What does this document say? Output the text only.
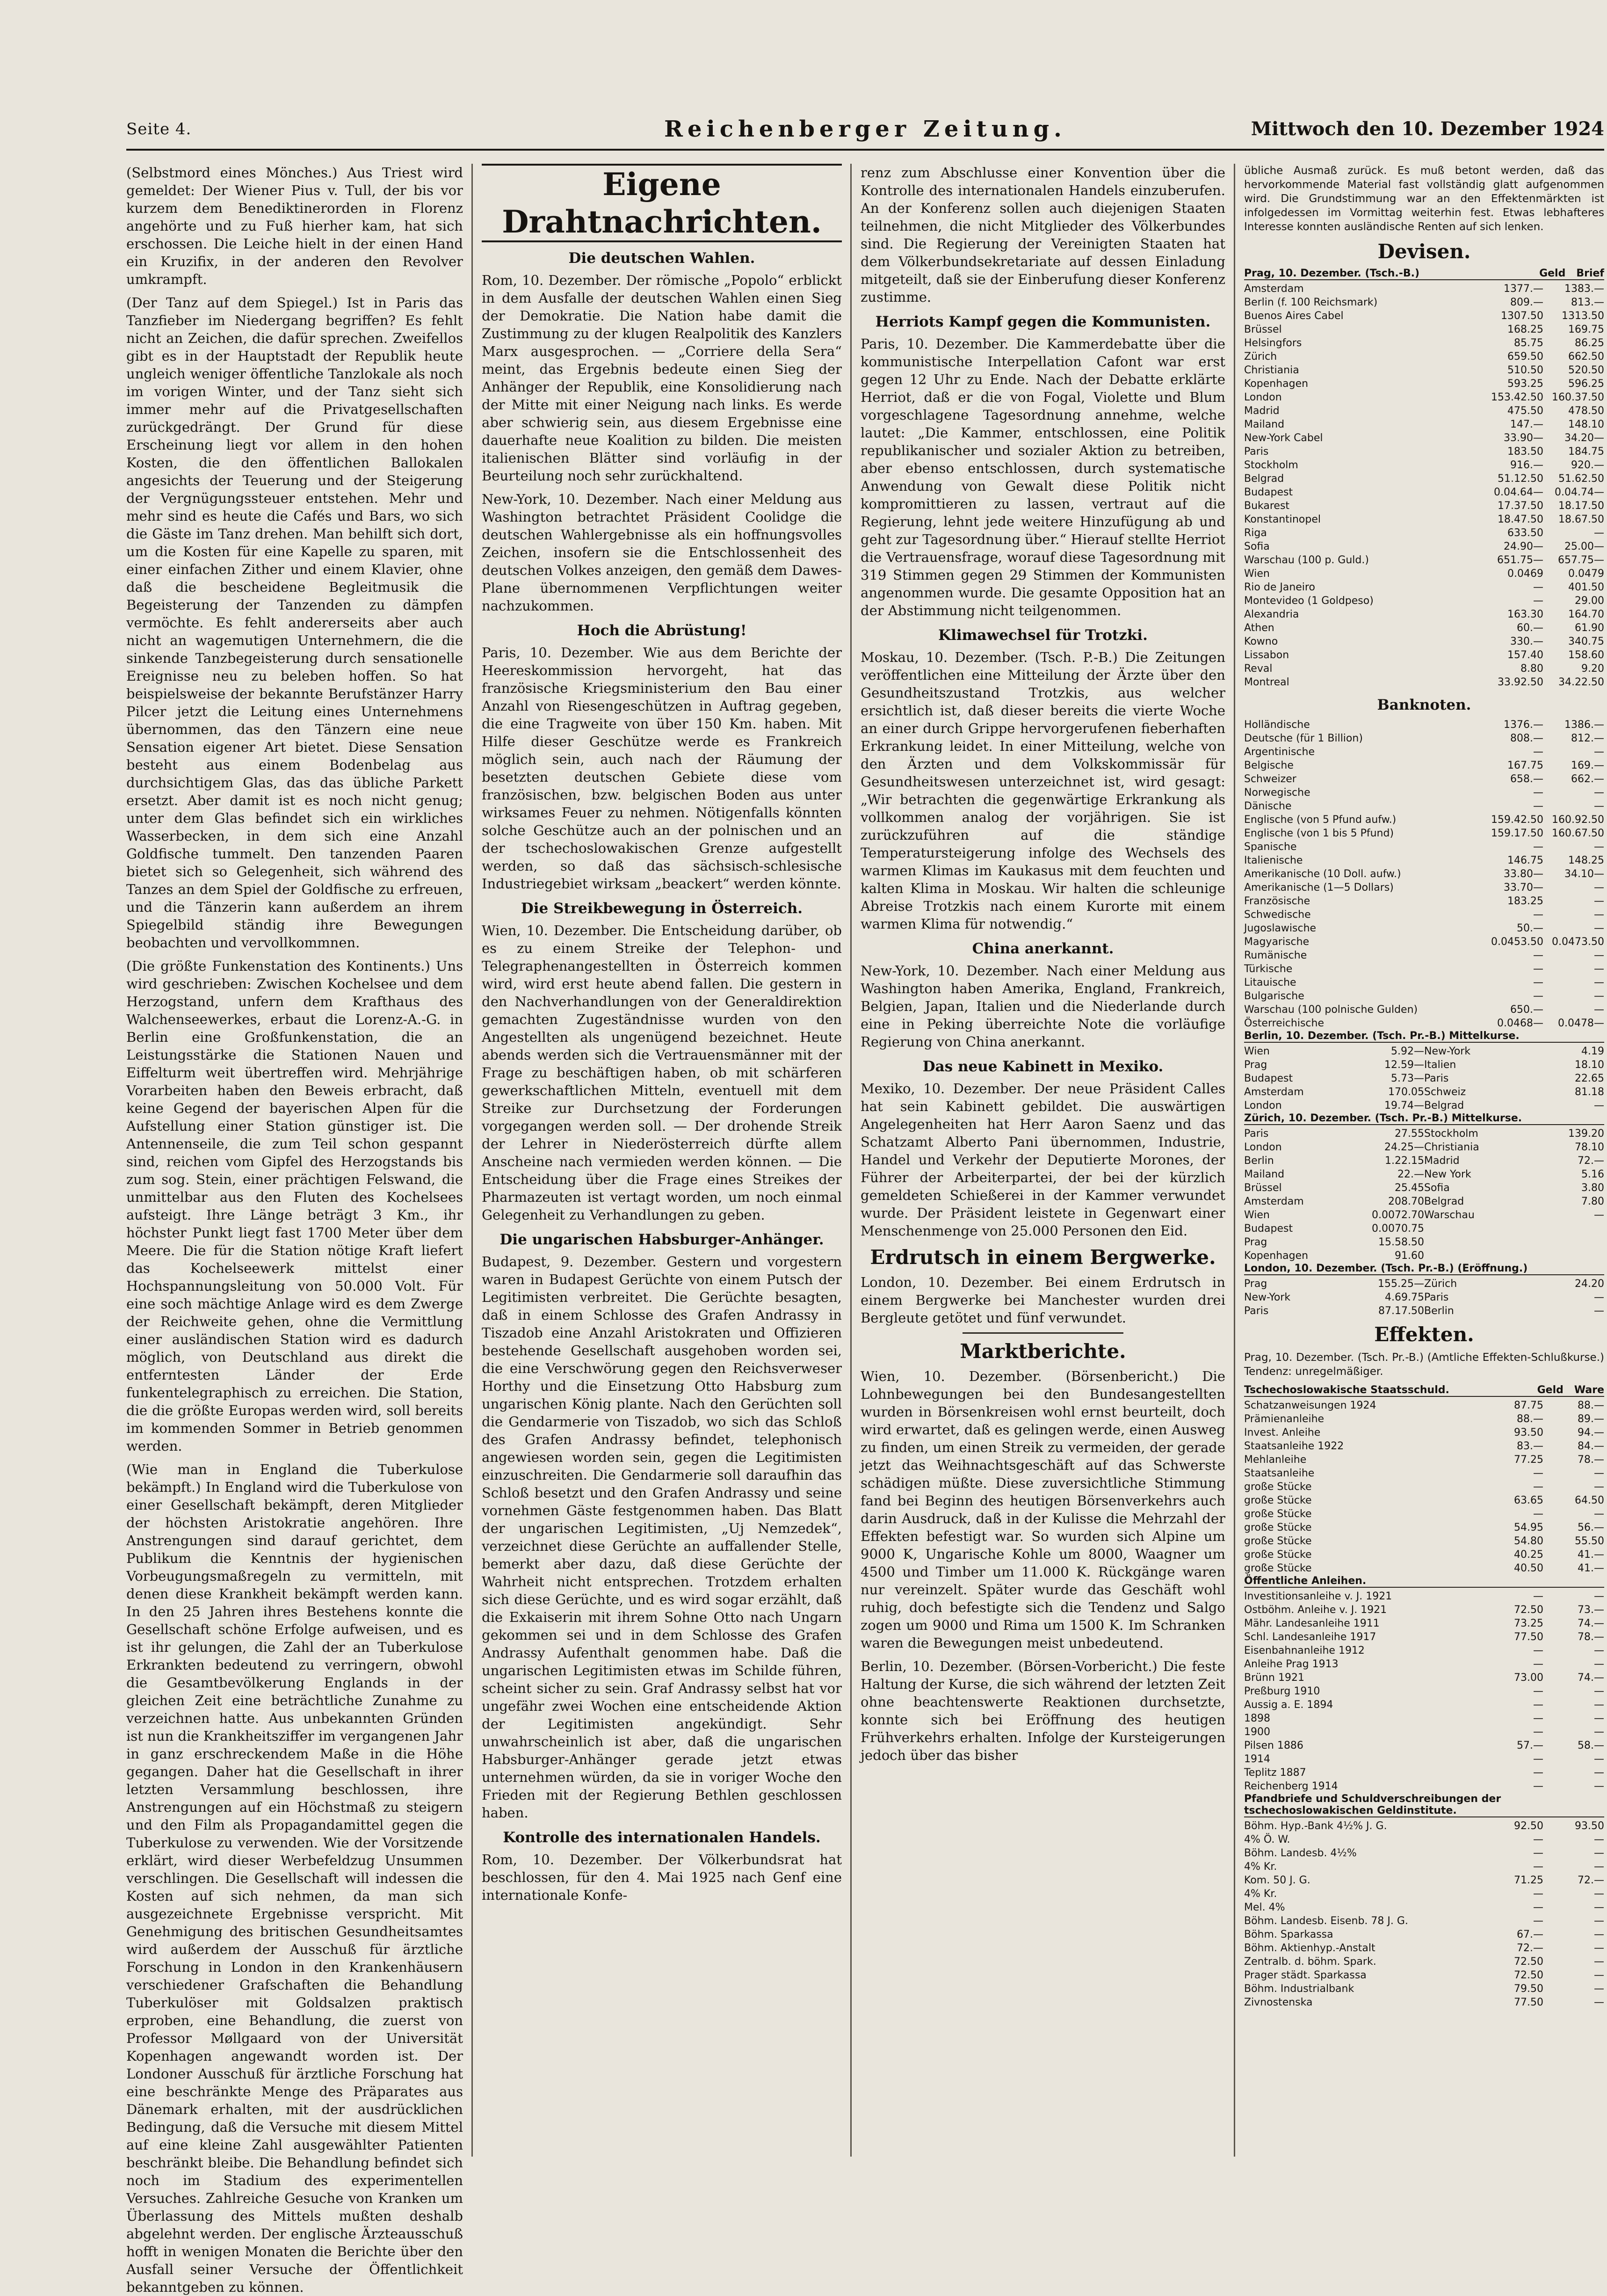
Seite 4.	Reichenberger Zeitung.	Mittwoch den 10. Dezember 1924

(Selbstmord eines Mönches.) Aus Triest wird gemeldet: Der Wiener Pius v. Tull, der bis vor kurzem dem Benediktinerorden in Florenz angehörte und zu Fuß hierher kam, hat sich erschossen. Die Leiche hielt in der einen Hand ein Kruzifix, in der anderen den Revolver umkrampft.

(Der Tanz auf dem Spiegel.) Ist in Paris das Tanzfieber im Niedergang begriffen? Es fehlt nicht an Zeichen, die dafür sprechen. Zweifellos gibt es in der Hauptstadt der Republik heute ungleich weniger öffentliche Tanzlokale als noch im vorigen Winter, und der Tanz sieht sich immer mehr auf die Privatgesellschaften zurückgedrängt. Der Grund für diese Erscheinung liegt vor allem in den hohen Kosten, die den öffentlichen Ballokalen angesichts der Teuerung und der Steigerung der Vergnügungssteuer entstehen. Mehr und mehr sind es heute die Cafés und Bars, wo sich die Gäste im Tanz drehen. Man behilft sich dort, um die Kosten für eine Kapelle zu sparen, mit einer einfachen Zither und einem Klavier, ohne daß die bescheidene Begleitmusik die Begeisterung der Tanzenden zu dämpfen vermöchte. Es fehlt andererseits aber auch nicht an wagemutigen Unternehmern, die die sinkende Tanzbegeisterung durch sensationelle Ereignisse neu zu beleben hoffen. So hat beispielsweise der bekannte Berufstänzer Harry Pilcer jetzt die Leitung eines Unternehmens übernommen, das den Tänzern eine neue Sensation eigener Art bietet. Diese Sensation besteht aus einem Bodenbelag aus durchsichtigem Glas, das das übliche Parkett ersetzt. Aber damit ist es noch nicht genug; unter dem Glas befindet sich ein wirkliches Wasserbecken, in dem sich eine Anzahl Goldfische tummelt. Den tanzenden Paaren bietet sich so Gelegenheit, sich während des Tanzes an dem Spiel der Goldfische zu erfreuen, und die Tänzerin kann außerdem an ihrem Spiegelbild ständig ihre Bewegungen beobachten und vervollkommnen.

(Die größte Funkenstation des Kontinents.) Uns wird geschrieben: Zwischen Kochelsee und dem Herzogstand, unfern dem Krafthaus des Walchenseewerkes, erbaut die Lorenz-A.-G. in Berlin eine Großfunkenstation, die an Leistungsstärke die Stationen Nauen und Eiffelturm weit übertreffen wird. Mehrjährige Vorarbeiten haben den Beweis erbracht, daß keine Gegend der bayerischen Alpen für die Aufstellung einer Station günstiger ist. Die Antennenseile, die zum Teil schon gespannt sind, reichen vom Gipfel des Herzogstands bis zum sog. Stein, einer prächtigen Felswand, die unmittelbar aus den Fluten des Kochelsees aufsteigt. Ihre Länge beträgt 3 Km., ihr höchster Punkt liegt fast 1700 Meter über dem Meere. Die für die Station nötige Kraft liefert das Kochelseewerk mittelst einer Hochspannungsleitung von 50.000 Volt. Für eine soch mächtige Anlage wird es dem Zwerge der Reichweite gehen, ohne die Vermittlung einer ausländischen Station wird es dadurch möglich, von Deutschland aus direkt die entferntesten Länder der Erde funkentelegraphisch zu erreichen. Die Station, die die größte Europas werden wird, soll bereits im kommenden Sommer in Betrieb genommen werden.

(Wie man in England die Tuberkulose bekämpft.) In England wird die Tuberkulose von einer Gesellschaft bekämpft, deren Mitglieder der höchsten Aristokratie angehören. Ihre Anstrengungen sind darauf gerichtet, dem Publikum die Kenntnis der hygienischen Vorbeugungsmaßregeln zu vermitteln, mit denen diese Krankheit bekämpft werden kann. In den 25 Jahren ihres Bestehens konnte die Gesellschaft schöne Erfolge aufweisen, und es ist ihr gelungen, die Zahl der an Tuberkulose Erkrankten bedeutend zu verringern, obwohl die Gesamtbevölkerung Englands in der gleichen Zeit eine beträchtliche Zunahme zu verzeichnen hatte. Aus unbekannten Gründen ist nun die Krankheitsziffer im vergangenen Jahr in ganz erschreckendem Maße in die Höhe gegangen. Daher hat die Gesellschaft in ihrer letzten Versammlung beschlossen, ihre Anstrengungen auf ein Höchstmaß zu steigern und den Film als Propagandamittel gegen die Tuberkulose zu verwenden. Wie der Vorsitzende erklärt, wird dieser Werbefeldzug Unsummen verschlingen. Die Gesellschaft will indessen die Kosten auf sich nehmen, da man sich ausgezeichnete Ergebnisse verspricht. Mit Genehmigung des britischen Gesundheitsamtes wird außerdem der Ausschuß für ärztliche Forschung in London in den Krankenhäusern verschiedener Grafschaften die Behandlung Tuberkulöser mit Goldsalzen praktisch erproben, eine Behandlung, die zuerst von Professor Møllgaard von der Universität Kopenhagen angewandt worden ist. Der Londoner Ausschuß für ärztliche Forschung hat eine beschränkte Menge des Präparates aus Dänemark erhalten, mit der ausdrücklichen Bedingung, daß die Versuche mit diesem Mittel auf eine kleine Zahl ausgewählter Patienten beschränkt bleibe. Die Behandlung befindet sich noch im Stadium des experimentellen Versuches. Zahlreiche Gesuche von Kranken um Überlassung des Mittels mußten deshalb abgelehnt werden. Der englische Ärzteausschuß hofft in wenigen Monaten die Berichte über den Ausfall seiner Versuche der Öffentlichkeit bekanntgeben zu können.

Eigene Drahtnachrichten.
Die deutschen Wahlen.

Rom, 10. Dezember. Der römische „Popolo“ erblickt in dem Ausfalle der deutschen Wahlen einen Sieg der Demokratie. Die Nation habe damit die Zustimmung zu der klugen Realpolitik des Kanzlers Marx ausgesprochen. — „Corriere della Sera“ meint, das Ergebnis bedeute einen Sieg der Anhänger der Republik, eine Konsolidierung nach der Mitte mit einer Neigung nach links. Es werde aber schwierig sein, aus diesem Ergebnisse eine dauerhafte neue Koalition zu bilden. Die meisten italienischen Blätter sind vorläufig in der Beurteilung noch sehr zurückhaltend.

New-York, 10. Dezember. Nach einer Meldung aus Washington betrachtet Präsident Coolidge die deutschen Wahlergebnisse als ein hoffnungsvolles Zeichen, insofern sie die Entschlossenheit des deutschen Volkes anzeigen, den gemäß dem Dawes-Plane übernommenen Verpflichtungen weiter nachzukommen.

Hoch die Abrüstung!

Paris, 10. Dezember. Wie aus dem Berichte der Heereskommission hervorgeht, hat das französische Kriegsministerium den Bau einer Anzahl von Riesengeschützen in Auftrag gegeben, die eine Tragweite von über 150 Km. haben. Mit Hilfe dieser Geschütze werde es Frankreich möglich sein, auch nach der Räumung der besetzten deutschen Gebiete diese vom französischen, bzw. belgischen Boden aus unter wirksames Feuer zu nehmen. Nötigenfalls könnten solche Geschütze auch an der polnischen und an der tschechoslowakischen Grenze aufgestellt werden, so daß das sächsisch-schlesische Industriegebiet wirksam „beackert“ werden könnte.

Die Streikbewegung in Österreich.

Wien, 10. Dezember. Die Entscheidung darüber, ob es zu einem Streike der Telephon- und Telegraphenangestellten in Österreich kommen wird, wird erst heute abend fallen. Die gestern in den Nachverhandlungen von der Generaldirektion gemachten Zugeständnisse wurden von den Angestellten als ungenügend bezeichnet. Heute abends werden sich die Vertrauensmänner mit der Frage zu beschäftigen haben, ob mit schärferen gewerkschaftlichen Mitteln, eventuell mit dem Streike zur Durchsetzung der Forderungen vorgegangen werden soll. — Der drohende Streik der Lehrer in Niederösterreich dürfte allem Anscheine nach vermieden werden können. — Die Entscheidung über die Frage eines Streikes der Pharmazeuten ist vertagt worden, um noch einmal Gelegenheit zu Verhandlungen zu geben.

Die ungarischen Habsburger-Anhänger.

Budapest, 9. Dezember. Gestern und vorgestern waren in Budapest Gerüchte von einem Putsch der Legitimisten verbreitet. Die Gerüchte besagten, daß in einem Schlosse des Grafen Andrassy in Tiszadob eine Anzahl Aristokraten und Offizieren bestehende Gesellschaft ausgehoben worden sei, die eine Verschwörung gegen den Reichsverweser Horthy und die Einsetzung Otto Habsburg zum ungarischen König plante. Nach den Gerüchten soll die Gendarmerie von Tiszadob, wo sich das Schloß des Grafen Andrassy befindet, telephonisch angewiesen worden sein, gegen die Legitimisten einzuschreiten. Die Gendarmerie soll daraufhin das Schloß besetzt und den Grafen Andrassy und seine vornehmen Gäste festgenommen haben. Das Blatt der ungarischen Legitimisten, „Uj Nemzedek“, verzeichnet diese Gerüchte an auffallender Stelle, bemerkt aber dazu, daß diese Gerüchte der Wahrheit nicht entsprechen. Trotzdem erhalten sich diese Gerüchte, und es wird sogar erzählt, daß die Exkaiserin mit ihrem Sohne Otto nach Ungarn gekommen sei und in dem Schlosse des Grafen Andrassy Aufenthalt genommen habe. Daß die ungarischen Legitimisten etwas im Schilde führen, scheint sicher zu sein. Graf Andrassy selbst hat vor ungefähr zwei Wochen eine entscheidende Aktion der Legitimisten angekündigt. Sehr unwahrscheinlich ist aber, daß die ungarischen Habsburger-Anhänger gerade jetzt etwas unternehmen würden, da sie in voriger Woche den Frieden mit der Regierung Bethlen geschlossen haben.

Kontrolle des internationalen Handels.

Rom, 10. Dezember. Der Völkerbundsrat hat beschlossen, für den 4. Mai 1925 nach Genf eine internationale Konfe-

renz zum Abschlusse einer Konvention über die Kontrolle des internationalen Handels einzuberufen. An der Konferenz sollen auch diejenigen Staaten teilnehmen, die nicht Mitglieder des Völkerbundes sind. Die Regierung der Vereinigten Staaten hat dem Völkerbundsekretariate auf dessen Einladung mitgeteilt, daß sie der Einberufung dieser Konferenz zustimme.

Herriots Kampf gegen die Kommunisten.

Paris, 10. Dezember. Die Kammerdebatte über die kommunistische Interpellation Cafont war erst gegen 12 Uhr zu Ende. Nach der Debatte erklärte Herriot, daß er die von Fogal, Violette und Blum vorgeschlagene Tagesordnung annehme, welche lautet: „Die Kammer, entschlossen, eine Politik republikanischer und sozialer Aktion zu betreiben, aber ebenso entschlossen, durch systematische Anwendung von Gewalt diese Politik nicht kompromittieren zu lassen, vertraut auf die Regierung, lehnt jede weitere Hinzufügung ab und geht zur Tagesordnung über.“ Hierauf stellte Herriot die Vertrauensfrage, worauf diese Tagesordnung mit 319 Stimmen gegen 29 Stimmen der Kommunisten angenommen wurde. Die gesamte Opposition hat an der Abstimmung nicht teilgenommen.

Klimawechsel für Trotzki.

Moskau, 10. Dezember. (Tsch. P.-B.) Die Zeitungen veröffentlichen eine Mitteilung der Ärzte über den Gesundheitszustand Trotzkis, aus welcher ersichtlich ist, daß dieser bereits die vierte Woche an einer durch Grippe hervorgerufenen fieberhaften Erkrankung leidet. In einer Mitteilung, welche von den Ärzten und dem Volkskommissär für Gesundheitswesen unterzeichnet ist, wird gesagt: „Wir betrachten die gegenwärtige Erkrankung als vollkommen analog der vorjährigen. Sie ist zurückzuführen auf die ständige Temperatursteigerung infolge des Wechsels des warmen Klimas im Kaukasus mit dem feuchten und kalten Klima in Moskau. Wir halten die schleunige Abreise Trotzkis nach einem Kurorte mit einem warmen Klima für notwendig.“

China anerkannt.

New-York, 10. Dezember. Nach einer Meldung aus Washington haben Amerika, England, Frankreich, Belgien, Japan, Italien und die Niederlande durch eine in Peking überreichte Note die vorläufige Regierung von China anerkannt.

Das neue Kabinett in Mexiko.

Mexiko, 10. Dezember. Der neue Präsident Calles hat sein Kabinett gebildet. Die auswärtigen Angelegenheiten hat Herr Aaron Saenz und das Schatzamt Alberto Pani übernommen, Industrie, Handel und Verkehr der Deputierte Morones, der Führer der Arbeiterpartei, der bei der kürzlich gemeldeten Schießerei in der Kammer verwundet wurde. Der Präsident leistete in Gegenwart einer Menschenmenge von 25.000 Personen den Eid.

Erdrutsch in einem Bergwerke.

London, 10. Dezember. Bei einem Erdrutsch in einem Bergwerke bei Manchester wurden drei Bergleute getötet und fünf verwundet.

Marktberichte.

Wien, 10. Dezember. (Börsenbericht.) Die Lohnbewegungen bei den Bundesangestellten wurden in Börsenkreisen wohl ernst beurteilt, doch wird erwartet, daß es gelingen werde, einen Ausweg zu finden, um einen Streik zu vermeiden, der gerade jetzt das Weihnachtsgeschäft auf das Schwerste schädigen müßte. Diese zuversichtliche Stimmung fand bei Beginn des heutigen Börsenverkehrs auch darin Ausdruck, daß in der Kulisse die Mehrzahl der Effekten befestigt war. So wurden sich Alpine um 9000 K, Ungarische Kohle um 8000, Waagner um 4500 und Timber um 11.000 K. Rückgänge waren nur vereinzelt. Später wurde das Geschäft wohl ruhig, doch befestigte sich die Tendenz und Salgo zogen um 9000 und Rima um 1500 K. Im Schranken waren die Bewegungen meist unbedeutend.

Berlin, 10. Dezember. (Börsen-Vorbericht.) Die feste Haltung der Kurse, die sich während der letzten Zeit ohne beachtenswerte Reaktionen durchsetzte, konnte sich bei Eröffnung des heutigen Frühverkehrs erhalten. Infolge der Kursteigerungen jedoch über das bisher

übliche Ausmaß zurück. Es muß betont werden, daß das hervorkommende Material fast vollständig glatt aufgenommen wird. Die Grundstimmung war an den Effektenmärkten ist infolgedessen im Vormittag weiterhin fest. Etwas lebhafteres Interesse konnten ausländische Renten auf sich lenken.

Devisen.
Prag, 10. Dezember. (Tsch.-B.)	Geld Brief
Amsterdam	1377.—	1383.—
Berlin (f. 100 Reichsmark)	809.—	813.—
Buenos Aires Cabel	1307.50	1313.50
Brüssel	168.25	169.75
Helsingfors	85.75	86.25
Zürich	659.50	662.50
Christiania	510.50	520.50
Kopenhagen	593.25	596.25
London	153.42.50 160.37.50
Madrid	475.50	478.50
Mailand	147.—	148.10
New-York Cabel	33.90—	34.20—
Paris	183.50	184.75
Stockholm	916.—	920.—
Belgrad	51.12.50	51.62.50
Budapest	0.04.64—	0.04.74—
Bukarest	17.37.50	18.17.50
Konstantinopel	18.47.50	18.67.50
Riga	633.50	—
Sofia	24.90—	25.00—
Warschau (100 p. Guld.)	651.75—	657.75—
Wien	0.0469	0.0479
Rio de Janeiro	—	401.50
Montevideo (1 Goldpeso)	—	29.00
Alexandria	163.30	164.70
Athen	60.—	61.90
Kowno	330.—	340.75
Lissabon	157.40	158.60
Reval	8.80	9.20
Montreal	33.92.50	34.22.50
Banknoten.
Holländische	1376.—	1386.—
Deutsche (für 1 Billion)	808.—	812.—
Argentinische	—	—
Belgische	167.75	169.—
Schweizer	658.—	662.—
Norwegische	—	—
Dänische	—	—
Englische (von 5 Pfund aufw.)	159.42.50 160.92.50
Englische (von 1 bis 5 Pfund)	159.17.50 160.67.50
Spanische	—	—
Italienische	146.75	148.25
Amerikanische (10 Doll. aufw.)	33.80—	34.10—
Amerikanische (1—5 Dollars)	33.70—	—
Französische	183.25	—
Schwedische	—	—
Jugoslawische	50.—	—
Magyarische	0.0453.50 0.0473.50
Rumänische	—	—
Türkische	—	—
Litauische	—	—
Bulgarische	—	—
Warschau (100 polnische Gulden)	650.—	—
Österreichische	0.0468—	0.0478—
Berlin, 10. Dezember. (Tsch. Pr.-B.) Mittelkurse.
Wien	5.92— New-York	4.19
Prag	12.59— Italien	18.10
Budapest	5.73— Paris	22.65
Amsterdam	170.05 Schweiz	81.18
London	19.74— Belgrad	—
Zürich, 10. Dezember. (Tsch. Pr.-B.) Mittelkurse.
Paris	27.55 Stockholm	139.20
London	24.25— Christiania	78.10
Berlin	1.22.15 Madrid	72.—
Mailand	22.— New York	5.16
Brüssel	25.45 Sofia	3.80
Amsterdam	208.70 Belgrad	7.80
Wien	0.0072.70 Warschau	—
Budapest	0.0070.75
Prag	15.58.50
Kopenhagen	91.60
London, 10. Dezember. (Tsch. Pr.-B.) (Eröffnung.)
Prag	155.25— Zürich	24.20
New-York	4.69.75 Paris	—
Paris	87.17.50 Berlin	—
Effekten.

Prag, 10. Dezember. (Tsch. Pr.-B.) (Amtliche Effekten-Schlußkurse.) Tendenz: unregelmäßiger.

Tschechoslowakische Staatsschuld.	Geld Ware
Schatzanweisungen 1924	87.75	88.—
Prämienanleihe	88.—	89.—
Invest. Anleihe	93.50	94.—
Staatsanleihe 1922	83.—	84.—
Mehlanleihe	77.25	78.—
Staatsanleihe	—	—
große Stücke	—	—
große Stücke	63.65	64.50
große Stücke	—	—
große Stücke	54.95	56.—
große Stücke	54.80	55.50
große Stücke	40.25	41.—
große Stücke	40.50	41.—
Öffentliche Anleihen.
Investitionsanleihe v. J. 1921	—	—
Ostböhm. Anleihe v. J. 1921	72.50	73.—
Mähr. Landesanleihe 1911	73.25	74.—
Schl. Landesanleihe 1917	77.50	78.—
Eisenbahnanleihe 1912	—	—
Anleihe Prag 1913	—	—
Brünn 1921	73.00	74.—
Preßburg 1910	—	—
Aussig a. E. 1894	—	—
1898	—	—
1900	—	—
Pilsen 1886	57.—	58.—
1914	—	—
Teplitz 1887	—	—
Reichenberg 1914	—	—
Pfandbriefe und Schuldverschreibungen der tschechoslowakischen Geldinstitute.
Böhm. Hyp.-Bank 4½% J. G.	92.50	93.50
4% Ö. W.	—	—
Böhm. Landesb. 4½%	—	—
4% Kr.	—	—
Kom. 50 J. G.	71.25	72.—
4% Kr.	—	—
Mel. 4%	—	—
Böhm. Landesb. Eisenb. 78 J. G.	—	—
Böhm. Sparkassa	67.—	—
Böhm. Aktienhyp.-Anstalt	72.—	—
Zentralb. d. böhm. Spark.	72.50	—
Prager städt. Sparkassa	72.50	—
Böhm. Industrialbank	79.50	—
Zivnostenska	77.50	—
